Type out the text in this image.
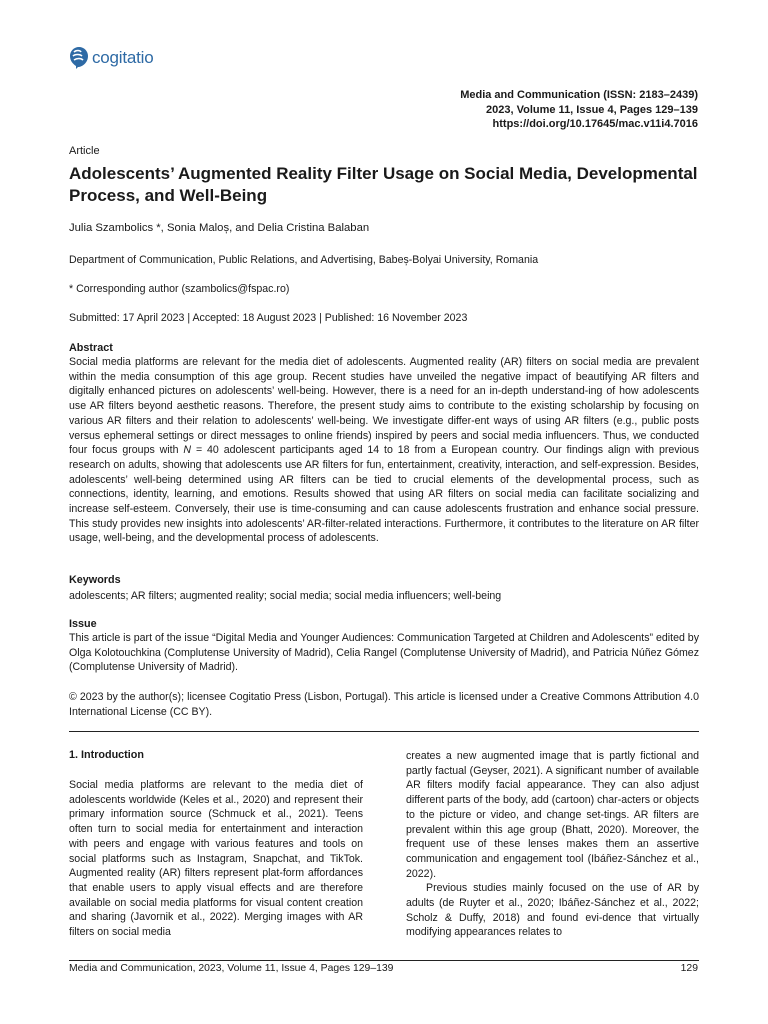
cogitatio
Media and Communication (ISSN: 2183–2439)
2023, Volume 11, Issue 4, Pages 129–139
https://doi.org/10.17645/mac.v11i4.7016
Article
Adolescents’ Augmented Reality Filter Usage on Social Media, Developmental Process, and Well-Being
Julia Szambolics *, Sonia Maloș, and Delia Cristina Balaban
Department of Communication, Public Relations, and Advertising, Babeș-Bolyai University, Romania
* Corresponding author (szambolics@fspac.ro)
Submitted: 17 April 2023 | Accepted: 18 August 2023 | Published: 16 November 2023
Abstract
Social media platforms are relevant for the media diet of adolescents. Augmented reality (AR) filters on social media are prevalent within the media consumption of this age group. Recent studies have unveiled the negative impact of beautifying AR filters and digitally enhanced pictures on adolescents’ well-being. However, there is a need for an in-depth understand-ing of how adolescents use AR filters beyond aesthetic reasons. Therefore, the present study aims to contribute to the existing scholarship by focusing on various AR filters and their relation to adolescents’ well-being. We investigate differ-ent ways of using AR filters (e.g., public posts versus ephemeral settings or direct messages to online friends) inspired by peers and social media influencers. Thus, we conducted four focus groups with N = 40 adolescent participants aged 14 to 18 from a European country. Our findings align with previous research on adults, showing that adolescents use AR filters for fun, entertainment, creativity, interaction, and self-expression. Besides, adolescents’ well-being determined using AR filters can be tied to crucial elements of the developmental process, such as connections, identity, learning, and emotions. Results showed that using AR filters on social media can facilitate socializing and increase self-esteem. Conversely, their use is time-consuming and can cause adolescents frustration and enhance social pressure. This study provides new insights into adolescents’ AR-filter-related interactions. Furthermore, it contributes to the literature on AR filter usage, well-being, and the developmental process of adolescents.
Keywords
adolescents; AR filters; augmented reality; social media; social media influencers; well-being
Issue
This article is part of the issue “Digital Media and Younger Audiences: Communication Targeted at Children and Adolescents” edited by Olga Kolotouchkina (Complutense University of Madrid), Celia Rangel (Complutense University of Madrid), and Patricia Núñez Gómez (Complutense University of Madrid).
© 2023 by the author(s); licensee Cogitatio Press (Lisbon, Portugal). This article is licensed under a Creative Commons Attribution 4.0 International License (CC BY).
1. Introduction
Social media platforms are relevant to the media diet of adolescents worldwide (Keles et al., 2020) and represent their primary information source (Schmuck et al., 2021). Teens often turn to social media for entertainment and interaction with peers and engage with various features and tools on social platforms such as Instagram, Snapchat, and TikTok. Augmented reality (AR) filters represent plat-form affordances that enable users to apply visual effects and are therefore available on social media platforms for visual content creation and sharing (Javornik et al., 2022). Merging images with AR filters on social media

creates a new augmented image that is partly fictional and partly factual (Geyser, 2021). A significant number of available AR filters modify facial appearance. They can also adjust different parts of the body, add (cartoon) char-acters or objects to the picture or video, and change set-tings. AR filters are prevalent within this age group (Bhatt, 2020). Moreover, the frequent use of these lenses makes them an assertive communication and engagement tool (Ibáñez-Sánchez et al., 2022).

Previous studies mainly focused on the use of AR by adults (de Ruyter et al., 2020; Ibáñez-Sánchez et al., 2022; Scholz & Duffy, 2018) and found evi-dence that virtually modifying appearances relates to

Media and Communication, 2023, Volume 11, Issue 4, Pages 129–139	129
